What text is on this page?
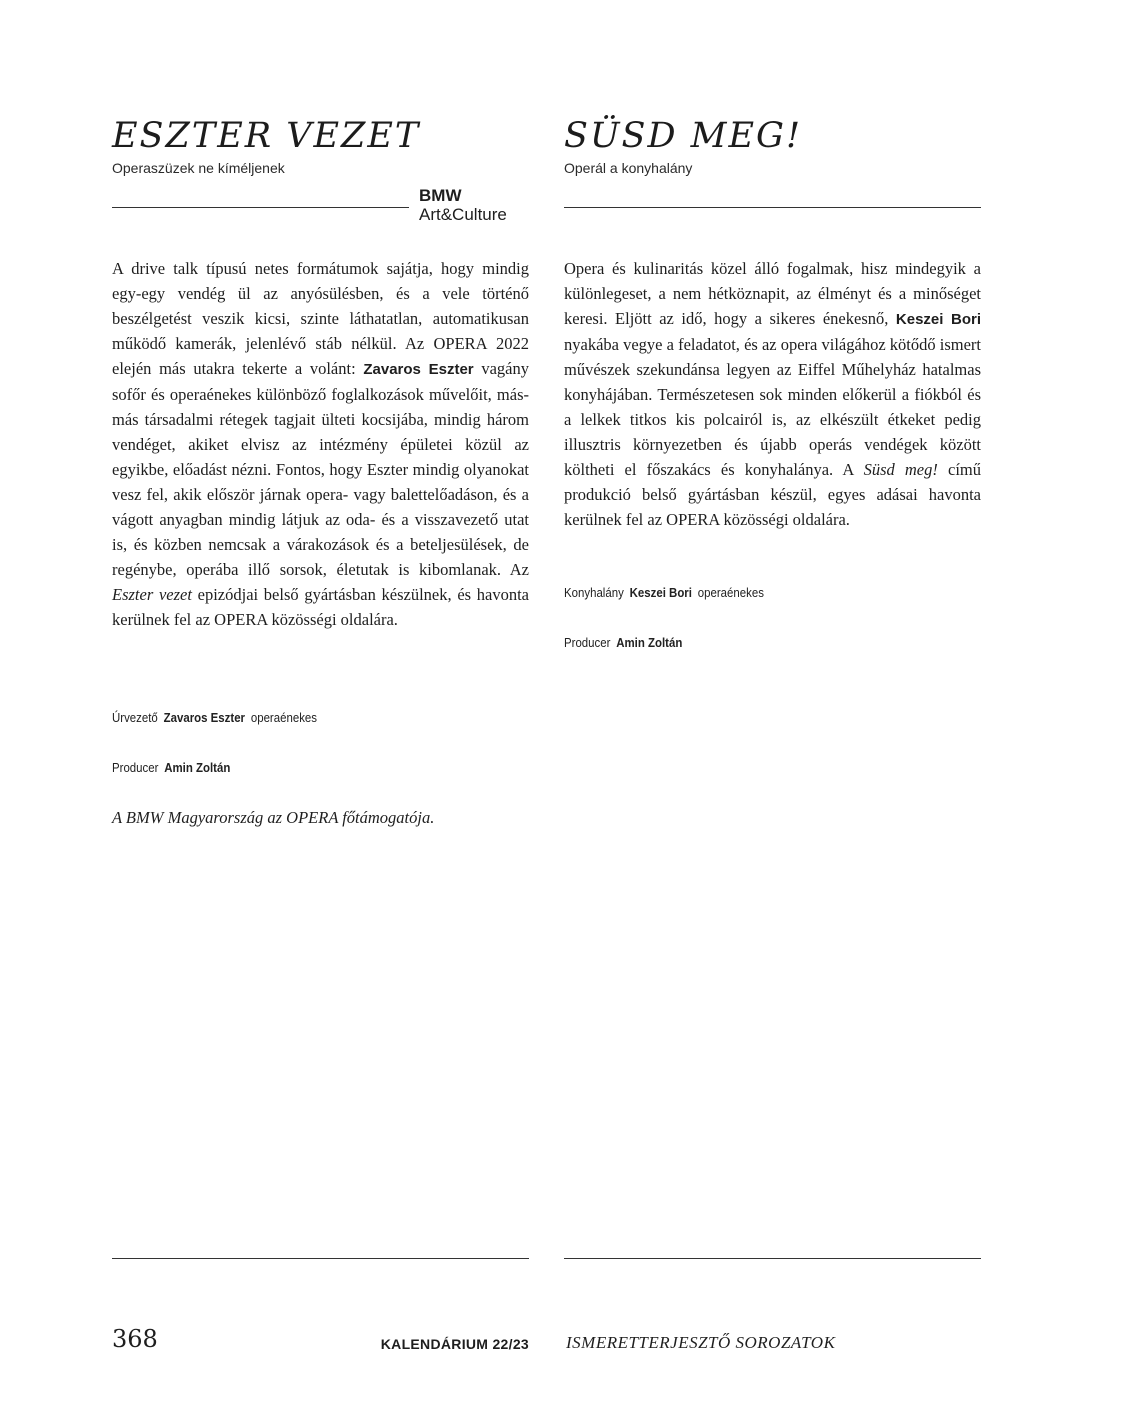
ESZTER VEZET
Operaszüzek ne kíméljenek
BMW
Art&Culture

A drive talk típusú netes formátumok sajátja, hogy mindig egy-egy vendég ül az anyósülésben, és a vele történő beszélgetést veszik kicsi, szinte láthatatlan, automatikusan működő kamerák, jelenlévő stáb nélkül. Az OPERA 2022 elején más utakra tekerte a volánt: Zavaros Eszter vagány sofőr és operaénekes különböző foglalkozások művelőit, más-más társadalmi rétegek tagjait ülteti kocsijába, mindig három vendéget, akiket elvisz az intézmény épületei közül az egyikbe, előadást nézni. Fontos, hogy Eszter mindig olyanokat vesz fel, akik először járnak opera- vagy balettelőadáson, és a vágott anyagban mindig látjuk az oda- és a visszavezető utat is, és közben nemcsak a várakozások és a beteljesülések, de regénybe, operába illő sorsok, életutak is kibomlanak. Az Eszter vezet epizódjai belső gyártásban készülnek, és havonta kerülnek fel az OPERA közösségi oldalára.

Úrvezető Zavaros Eszter operaénekes
Producer Amin Zoltán

A BMW Magyarország az OPERA főtámogatója.

368	KALENDÁRIUM 22/23
SÜSD MEG!
Operál a konyhalány

Opera és kulinaritás közel álló fogalmak, hisz mindegyik a különlegeset, a nem hétköznapit, az élményt és a minőséget keresi. Eljött az idő, hogy a sikeres énekesnő, Keszei Bori nyakába vegye a feladatot, és az opera világához kötődő ismert művészek szekundánsa legyen az Eiffel Műhelyház hatalmas konyhájában. Természetesen sok minden előkerül a fiókból és a lelkek titkos kis polcairól is, az elkészült étkeket pedig illusztris környezetben és újabb operás vendégek között költheti el főszakács és konyhalánya. A Süsd meg! című produkció belső gyártásban készül, egyes adásai havonta kerülnek fel az OPERA közösségi oldalára.

Konyhalány Keszei Bori operaénekes
Producer Amin Zoltán
ISMERETTERJESZTŐ SOROZATOK
